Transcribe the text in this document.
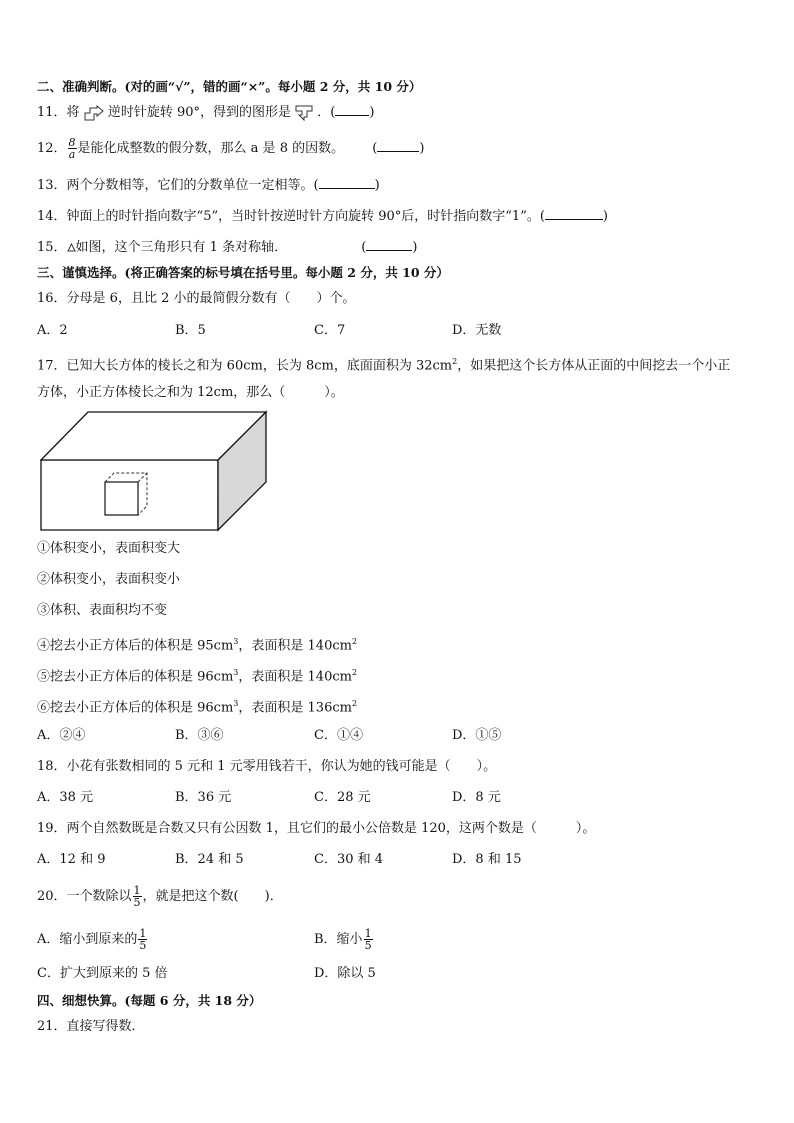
二、准确判断。(对的画“√”，错的画“×”。每小题 2 分，共 10 分）
11．将 逆时针旋转 90°，得到的图形是 ．(	)
12． $\frac{8}{a}$ 是能化成整数的假分数，那么 a 是 8 的因数。 (	)
13．两个分数相等，它们的分数单位一定相等。(	)
14．钟面上的时针指向数字“5”，当时针按逆时针方向旋转 90°后，时针指向数字“1”。(	)
15． 如图，这个三角形只有 1 条对称轴．	(	)
三、谨慎选择。(将正确答案的标号填在括号里。每小题 2 分，共 10 分）
16．分母是 6，且比 2 小的最简假分数有（　　）个。
A．2	B．5	C．7	D．无数
17．已知大长方体的棱长之和为 60cm，长为 8cm，底面面积为 $32cm^2$，如果把这个长方体从正面的中间挖去一个小正
方体，小正方体棱长之和为 12cm，那么（　　　）。
①体积变小，表面积变大
②体积变小，表面积变小
③体积、表面积均不变
④挖去小正方体后的体积是 $95cm^3$，表面积是 $140cm^2$
⑤挖去小正方体后的体积是 $96cm^3$，表面积是 $140cm^2$
⑥挖去小正方体后的体积是 $96cm^3$，表面积是 $136cm^2$
A．②④	B．③⑥	C．①④	D．①⑤
18．小花有张数相同的 5 元和 1 元零用钱若干，你认为她的钱可能是（　　）。
A．38 元	B．36 元	C．28 元	D．8 元
19．两个自然数既是合数又只有公因数 1，且它们的最小公倍数是 120，这两个数是（　　　）。
A．12 和 9	B．24 和 5	C．30 和 4	D．8 和 15
20．一个数除以 $\frac{1}{5}$ ，就是把这个数(　　)．
A．缩小到原来的 $\frac{1}{5}$	B．缩小 $\frac{1}{5}$
C．扩大到原来的 5 倍	D．除以 5
四、细想快算。(每题 6 分，共 18 分）
21．直接写得数．
